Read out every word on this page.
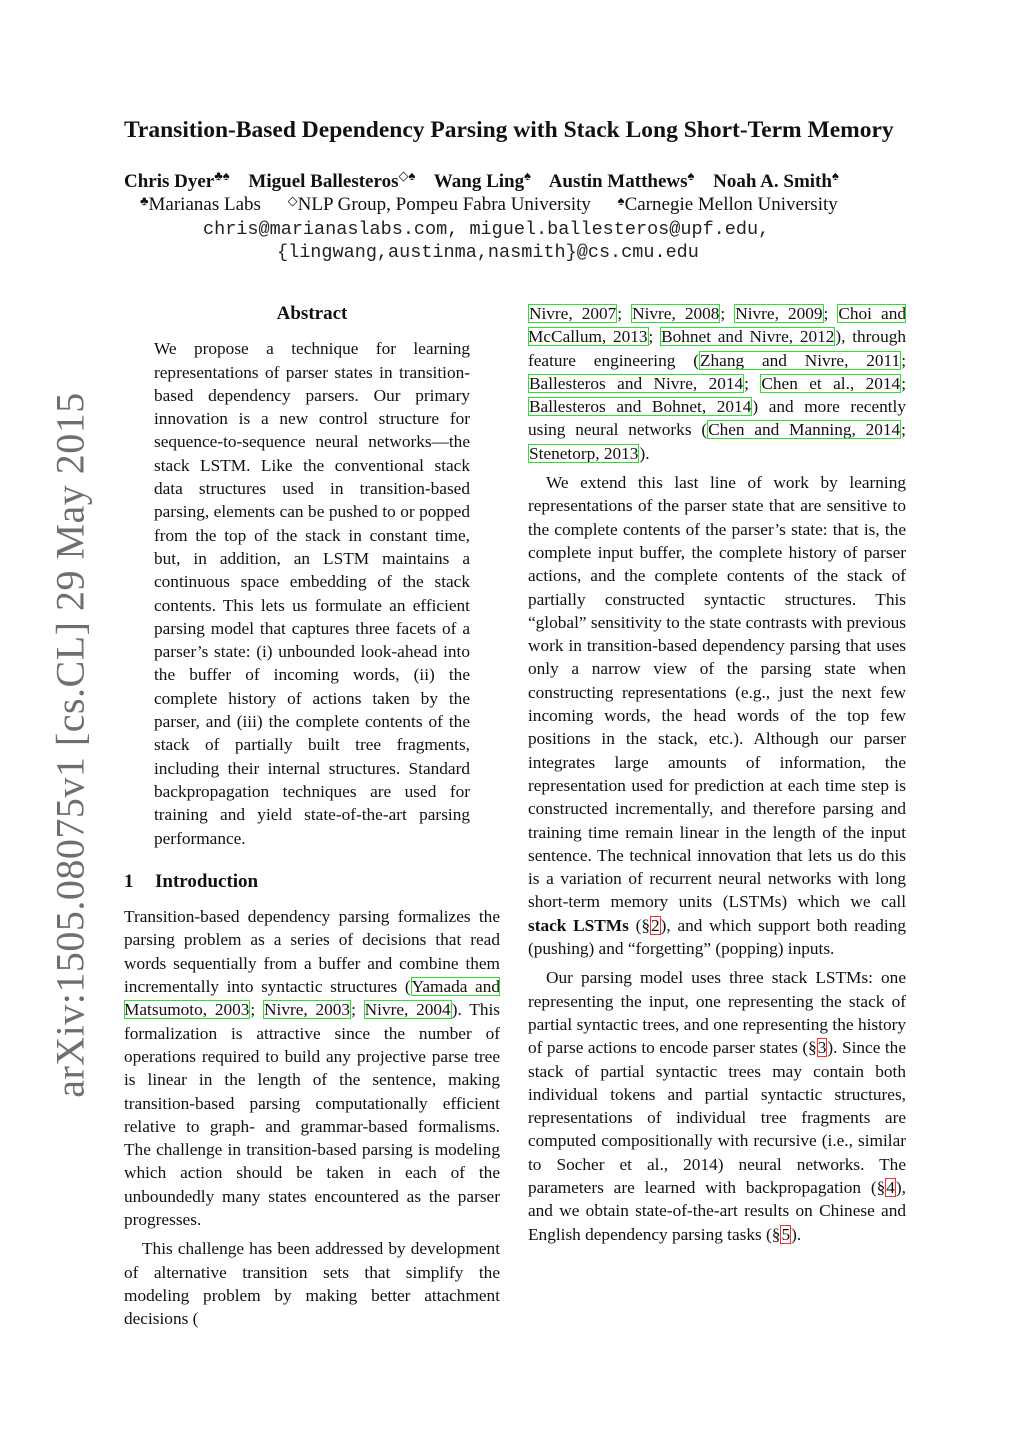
arXiv:1505.08075v1 [cs.CL] 29 May 2015
Transition-Based Dependency Parsing with Stack Long Short-Term Memory
Chris Dyer♣♠ Miguel Ballesteros◇♠ Wang Ling♠ Austin Matthews♠ Noah A. Smith♠
♣Marianas Labs ◇NLP Group, Pompeu Fabra University ♠Carnegie Mellon University
chris@marianaslabs.com, miguel.ballesteros@upf.edu,
{lingwang,austinma,nasmith}@cs.cmu.edu
Abstract

We propose a technique for learning representations of parser states in transition-based dependency parsers. Our primary innovation is a new control structure for sequence-to-sequence neural networks—the stack LSTM. Like the conventional stack data structures used in transition-based parsing, elements can be pushed to or popped from the top of the stack in constant time, but, in addition, an LSTM maintains a continuous space embedding of the stack contents. This lets us formulate an efficient parsing model that captures three facets of a parser’s state: (i) unbounded look-ahead into the buffer of incoming words, (ii) the complete history of actions taken by the parser, and (iii) the complete contents of the stack of partially built tree fragments, including their internal structures. Standard backpropagation techniques are used for training and yield state-of-the-art parsing performance.

1 Introduction

Transition-based dependency parsing formalizes the parsing problem as a series of decisions that read words sequentially from a buffer and combine them incrementally into syntactic structures (Yamada and Matsumoto, 2003; Nivre, 2003; Nivre, 2004). This formalization is attractive since the number of operations required to build any projective parse tree is linear in the length of the sentence, making transition-based parsing computationally efficient relative to graph- and grammar-based formalisms. The challenge in transition-based parsing is modeling which action should be taken in each of the unboundedly many states encountered as the parser progresses.

This challenge has been addressed by development of alternative transition sets that simplify the modeling problem by making better attachment decisions (

Nivre, 2007; Nivre, 2008; Nivre, 2009; Choi and McCallum, 2013; Bohnet and Nivre, 2012), through feature engineering (Zhang and Nivre, 2011; Ballesteros and Nivre, 2014; Chen et al., 2014; Ballesteros and Bohnet, 2014) and more recently using neural networks (Chen and Manning, 2014; Stenetorp, 2013).

We extend this last line of work by learning representations of the parser state that are sensitive to the complete contents of the parser’s state: that is, the complete input buffer, the complete history of parser actions, and the complete contents of the stack of partially constructed syntactic structures. This “global” sensitivity to the state contrasts with previous work in transition-based dependency parsing that uses only a narrow view of the parsing state when constructing representations (e.g., just the next few incoming words, the head words of the top few positions in the stack, etc.). Although our parser integrates large amounts of information, the representation used for prediction at each time step is constructed incrementally, and therefore parsing and training time remain linear in the length of the input sentence. The technical innovation that lets us do this is a variation of recurrent neural networks with long short-term memory units (LSTMs) which we call stack LSTMs (§2), and which support both reading (pushing) and “forgetting” (popping) inputs.

Our parsing model uses three stack LSTMs: one representing the input, one representing the stack of partial syntactic trees, and one representing the history of parse actions to encode parser states (§3). Since the stack of partial syntactic trees may contain both individual tokens and partial syntactic structures, representations of individual tree fragments are computed compositionally with recursive (i.e., similar to Socher et al., 2014) neural networks. The parameters are learned with backpropagation (§4), and we obtain state-of-the-art results on Chinese and English dependency parsing tasks (§5).
